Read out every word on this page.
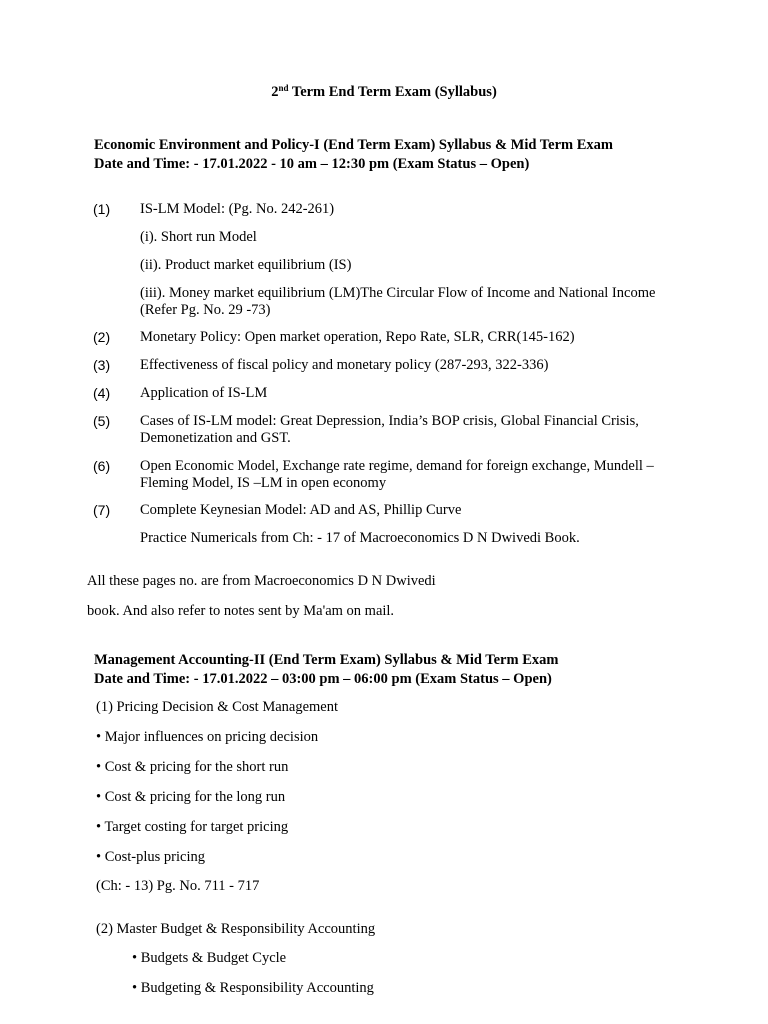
2nd Term End Term Exam (Syllabus)
Economic Environment and Policy-I (End Term Exam) Syllabus & Mid Term Exam
Date and Time: - 17.01.2022 - 10 am – 12:30 pm (Exam Status – Open)
(1) IS-LM Model: (Pg. No. 242-261)
(i). Short run Model
(ii). Product market equilibrium (IS)
(iii). Money market equilibrium (LM)The Circular Flow of Income and National Income (Refer Pg. No. 29 -73)
(2) Monetary Policy: Open market operation, Repo Rate, SLR, CRR(145-162)
(3) Effectiveness of fiscal policy and monetary policy (287-293, 322-336)
(4) Application of IS-LM
(5) Cases of IS-LM model: Great Depression, India’s BOP crisis, Global Financial Crisis, Demonetization and GST.
(6) Open Economic Model, Exchange rate regime, demand for foreign exchange, Mundell –Fleming Model, IS –LM in open economy
(7) Complete Keynesian Model: AD and AS, Phillip Curve
Practice Numericals from Ch: - 17 of Macroeconomics D N Dwivedi Book.
All these pages no. are from Macroeconomics D N Dwivedi
book. And also refer to notes sent by Ma'am on mail.
Management Accounting-II (End Term Exam) Syllabus & Mid Term Exam
Date and Time: - 17.01.2022 – 03:00 pm – 06:00 pm (Exam Status – Open)
(1) Pricing Decision & Cost Management
• Major influences on pricing decision
• Cost & pricing for the short run
• Cost & pricing for the long run
• Target costing for target pricing
• Cost-plus pricing
(Ch: - 13) Pg. No. 711 - 717
(2) Master Budget & Responsibility Accounting
• Budgets & Budget Cycle
• Budgeting & Responsibility Accounting
